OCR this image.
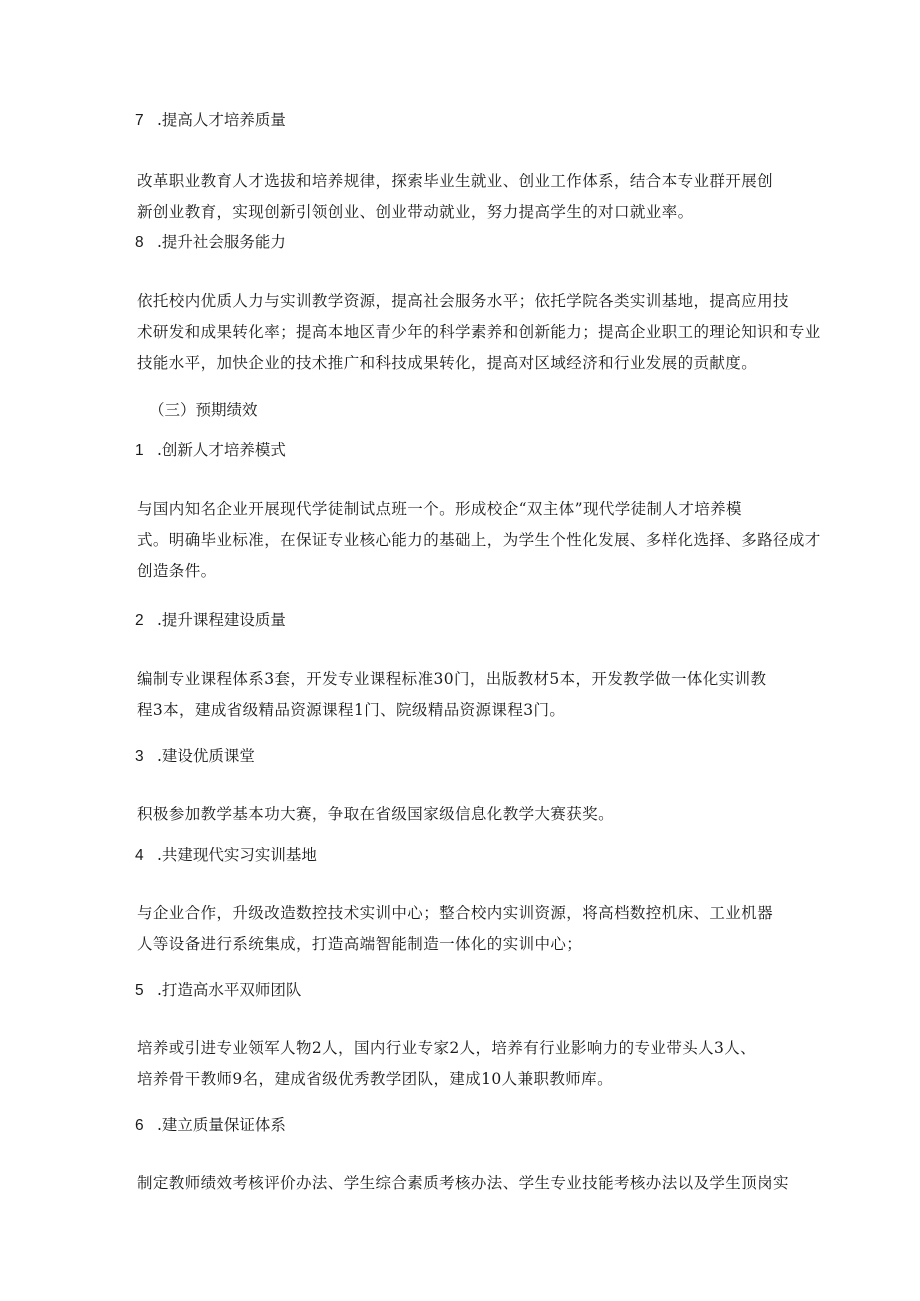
7 .提高人才培养质量
改革职业教育人才选拔和培养规律，探索毕业生就业、创业工作体系，结合本专业群开展创
新创业教育，实现创新引领创业、创业带动就业，努力提高学生的对口就业率。
8 .提升社会服务能力
依托校内优质人力与实训教学资源，提高社会服务水平；依托学院各类实训基地，提高应用技
术研发和成果转化率；提高本地区青少年的科学素养和创新能力；提高企业职工的理论知识和专业
技能水平，加快企业的技术推广和科技成果转化，提高对区域经济和行业发展的贡献度。
（三）预期绩效
1 .创新人才培养模式
与国内知名企业开展现代学徒制试点班一个。形成校企“双主体”现代学徒制人才培养模
式。明确毕业标准，在保证专业核心能力的基础上，为学生个性化发展、多样化选择、多路径成才
创造条件。
2 .提升课程建设质量
编制专业课程体系3套，开发专业课程标准30门，出版教材5本，开发教学做一体化实训教
程3本，建成省级精品资源课程1门、院级精品资源课程3门。
3 .建设优质课堂
积极参加教学基本功大赛，争取在省级国家级信息化教学大赛获奖。
4 .共建现代实习实训基地
与企业合作，升级改造数控技术实训中心；整合校内实训资源，将高档数控机床、工业机器
人等设备进行系统集成，打造高端智能制造一体化的实训中心；
5 .打造高水平双师团队
培养或引进专业领军人物2人，国内行业专家2人，培养有行业影响力的专业带头人3人、
培养骨干教师9名，建成省级优秀教学团队，建成10人兼职教师库。
6 .建立质量保证体系
制定教师绩效考核评价办法、学生综合素质考核办法、学生专业技能考核办法以及学生顶岗实
